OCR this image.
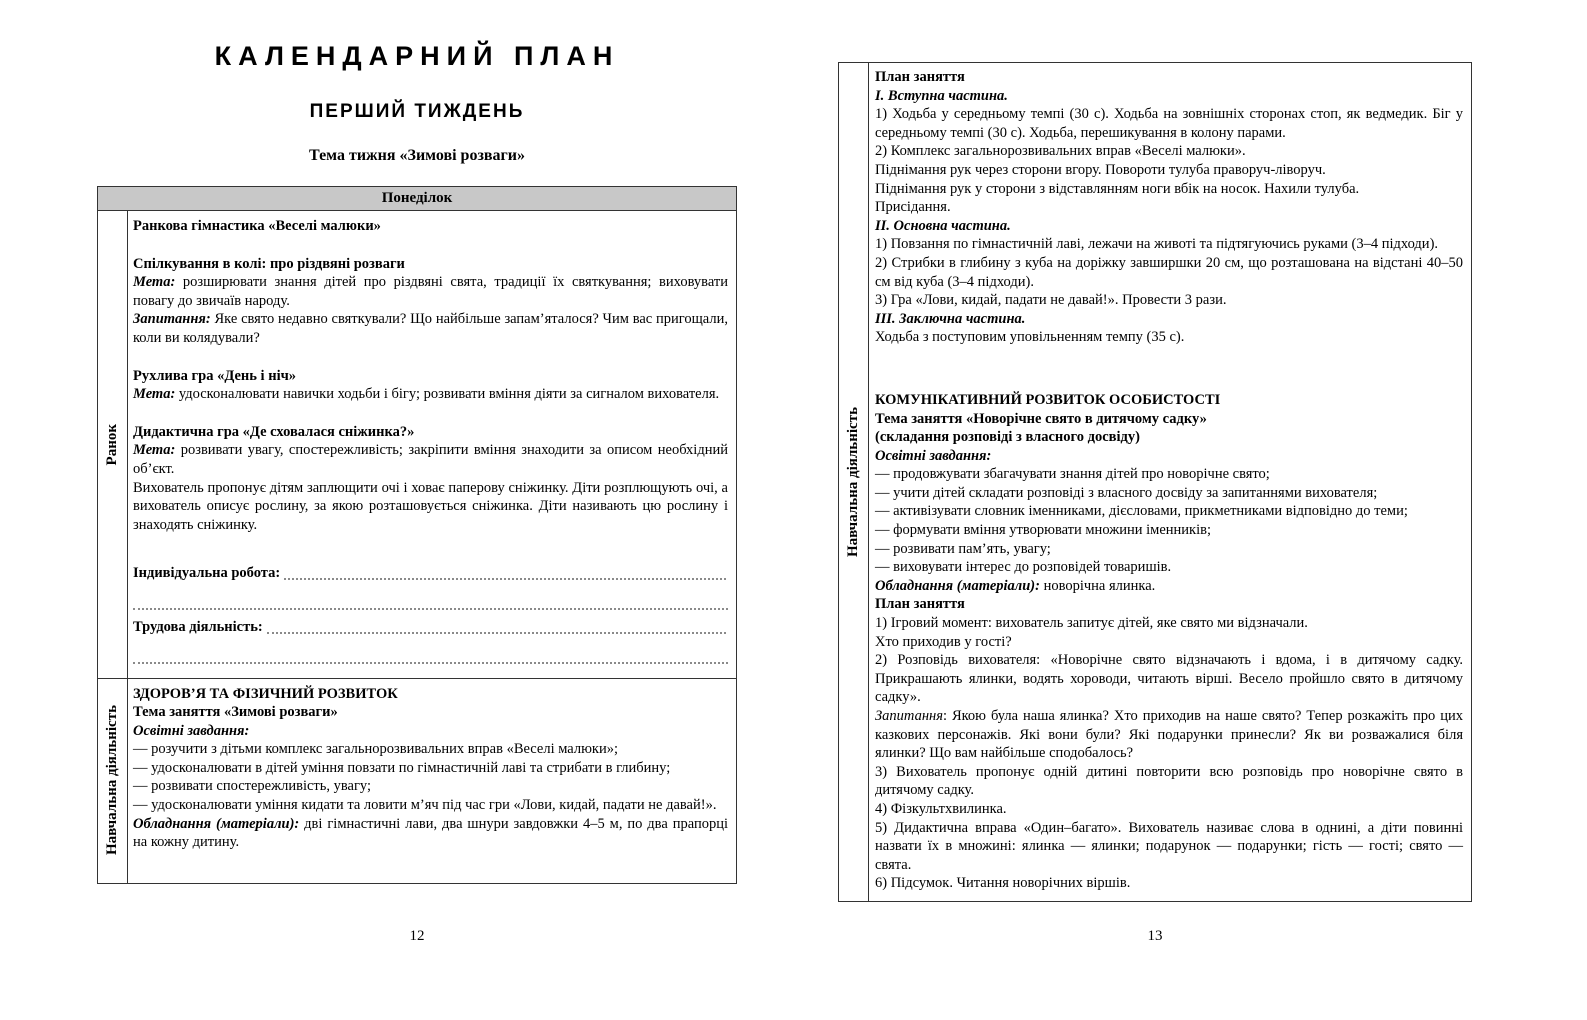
КАЛЕНДАРНИЙ ПЛАН
ПЕРШИЙ ТИЖДЕНЬ
Тема тижня «Зимові розваги»
Понеділок
Ранок

Ранкова гімнастика «Веселі малюки»

Спілкування в колі: про різдвяні розваги

Мета: розширювати знання дітей про різдвяні свята, традиції їх святкування; виховувати повагу до звичаїв народу.

Запитання: Яке свято недавно святкували? Що найбільше запам’яталося? Чим вас пригощали, коли ви колядували?

Рухлива гра «День і ніч»

Мета: удосконалювати навички ходьби і бігу; розвивати вміння діяти за сигналом вихователя.

Дидактична гра «Де сховалася сніжинка?»

Мета: розвивати увагу, спостережливість; закріпити вміння знаходити за описом необхідний об’єкт.

Вихователь пропонує дітям заплющити очі і ховає паперову сніжинку. Діти розплющують очі, а вихователь описує рослину, за якою розташовується сніжинка. Діти називають цю рослину і знаходять сніжинку.

Індивідуальна робота:

Трудова діяльність:

Навчальна діяльність

ЗДОРОВ’Я ТА ФІЗИЧНИЙ РОЗВИТОК

Тема заняття «Зимові розваги»

Освітні завдання:

— розучити з дітьми комплекс загальнорозвивальних вправ «Веселі малюки»;

— удосконалювати в дітей уміння повзати по гімнастичній лаві та стрибати в глибину;

— розвивати спостережливість, увагу;

— удосконалювати уміння кидати та ловити м’яч під час гри «Лови, кидай, падати не давай!».

Обладнання (матеріали): дві гімнастичні лави, два шнури завдовжки 4–5 м, по два прапорці на кожну дитину.

Навчальна діяльність

План заняття

І. Вступна частина.

1) Ходьба у середньому темпі (30 с). Ходьба на зовнішніх сторонах стоп, як ведмедик. Біг у середньому темпі (30 с). Ходьба, перешикування в колону парами.

2) Комплекс загальнорозвивальних вправ «Веселі малюки».

Піднімання рук через сторони вгору. Повороти тулуба праворуч-ліворуч.

Піднімання рук у сторони з відставлянням ноги вбік на носок. Нахили тулуба.

Присідання.

ІІ. Основна частина.

1) Повзання по гімнастичній лаві, лежачи на животі та підтягуючись руками (3–4 підходи).

2) Стрибки в глибину з куба на доріжку завширшки 20 см, що розташована на відстані 40–50 см від куба (3–4 підходи).

3) Гра «Лови, кидай, падати не давай!». Провести 3 рази.

ІІІ. Заключна частина.

Ходьба з поступовим уповільненням темпу (35 с).

КОМУНІКАТИВНИЙ РОЗВИТОК ОСОБИСТОСТІ

Тема заняття «Новорічне свято в дитячому садку»

(складання розповіді з власного досвіду)

Освітні завдання:

— продовжувати збагачувати знання дітей про новорічне свято;

— учити дітей складати розповіді з власного досвіду за запитаннями вихователя;

— активізувати словник іменниками, дієсловами, прикметниками відповідно до теми;

— формувати вміння утворювати множини іменників;

— розвивати пам’ять, увагу;

— виховувати інтерес до розповідей товаришів.

Обладнання (матеріали): новорічна ялинка.

План заняття

1) Ігровий момент: вихователь запитує дітей, яке свято ми відзначали.

Хто приходив у гості?

2) Розповідь вихователя: «Новорічне свято відзначають і вдома, і в дитячому садку. Прикрашають ялинки, водять хороводи, читають вірші. Весело пройшло свято в дитячому садку».

Запитання: Якою була наша ялинка? Хто приходив на наше свято? Тепер розкажіть про цих казкових персонажів. Які вони були? Які подарунки принесли? Як ви розважалися біля ялинки? Що вам найбільше сподобалось?

3) Вихователь пропонує одній дитині повторити всю розповідь про новорічне свято в дитячому садку.

4) Фізкультхвилинка.

5) Дидактична вправа «Один–багато». Вихователь називає слова в однині, а діти повинні назвати їх в множині: ялинка — ялинки; подарунок — подарунки; гість — гості; свято — свята.

6) Підсумок. Читання новорічних віршів.

12	13
